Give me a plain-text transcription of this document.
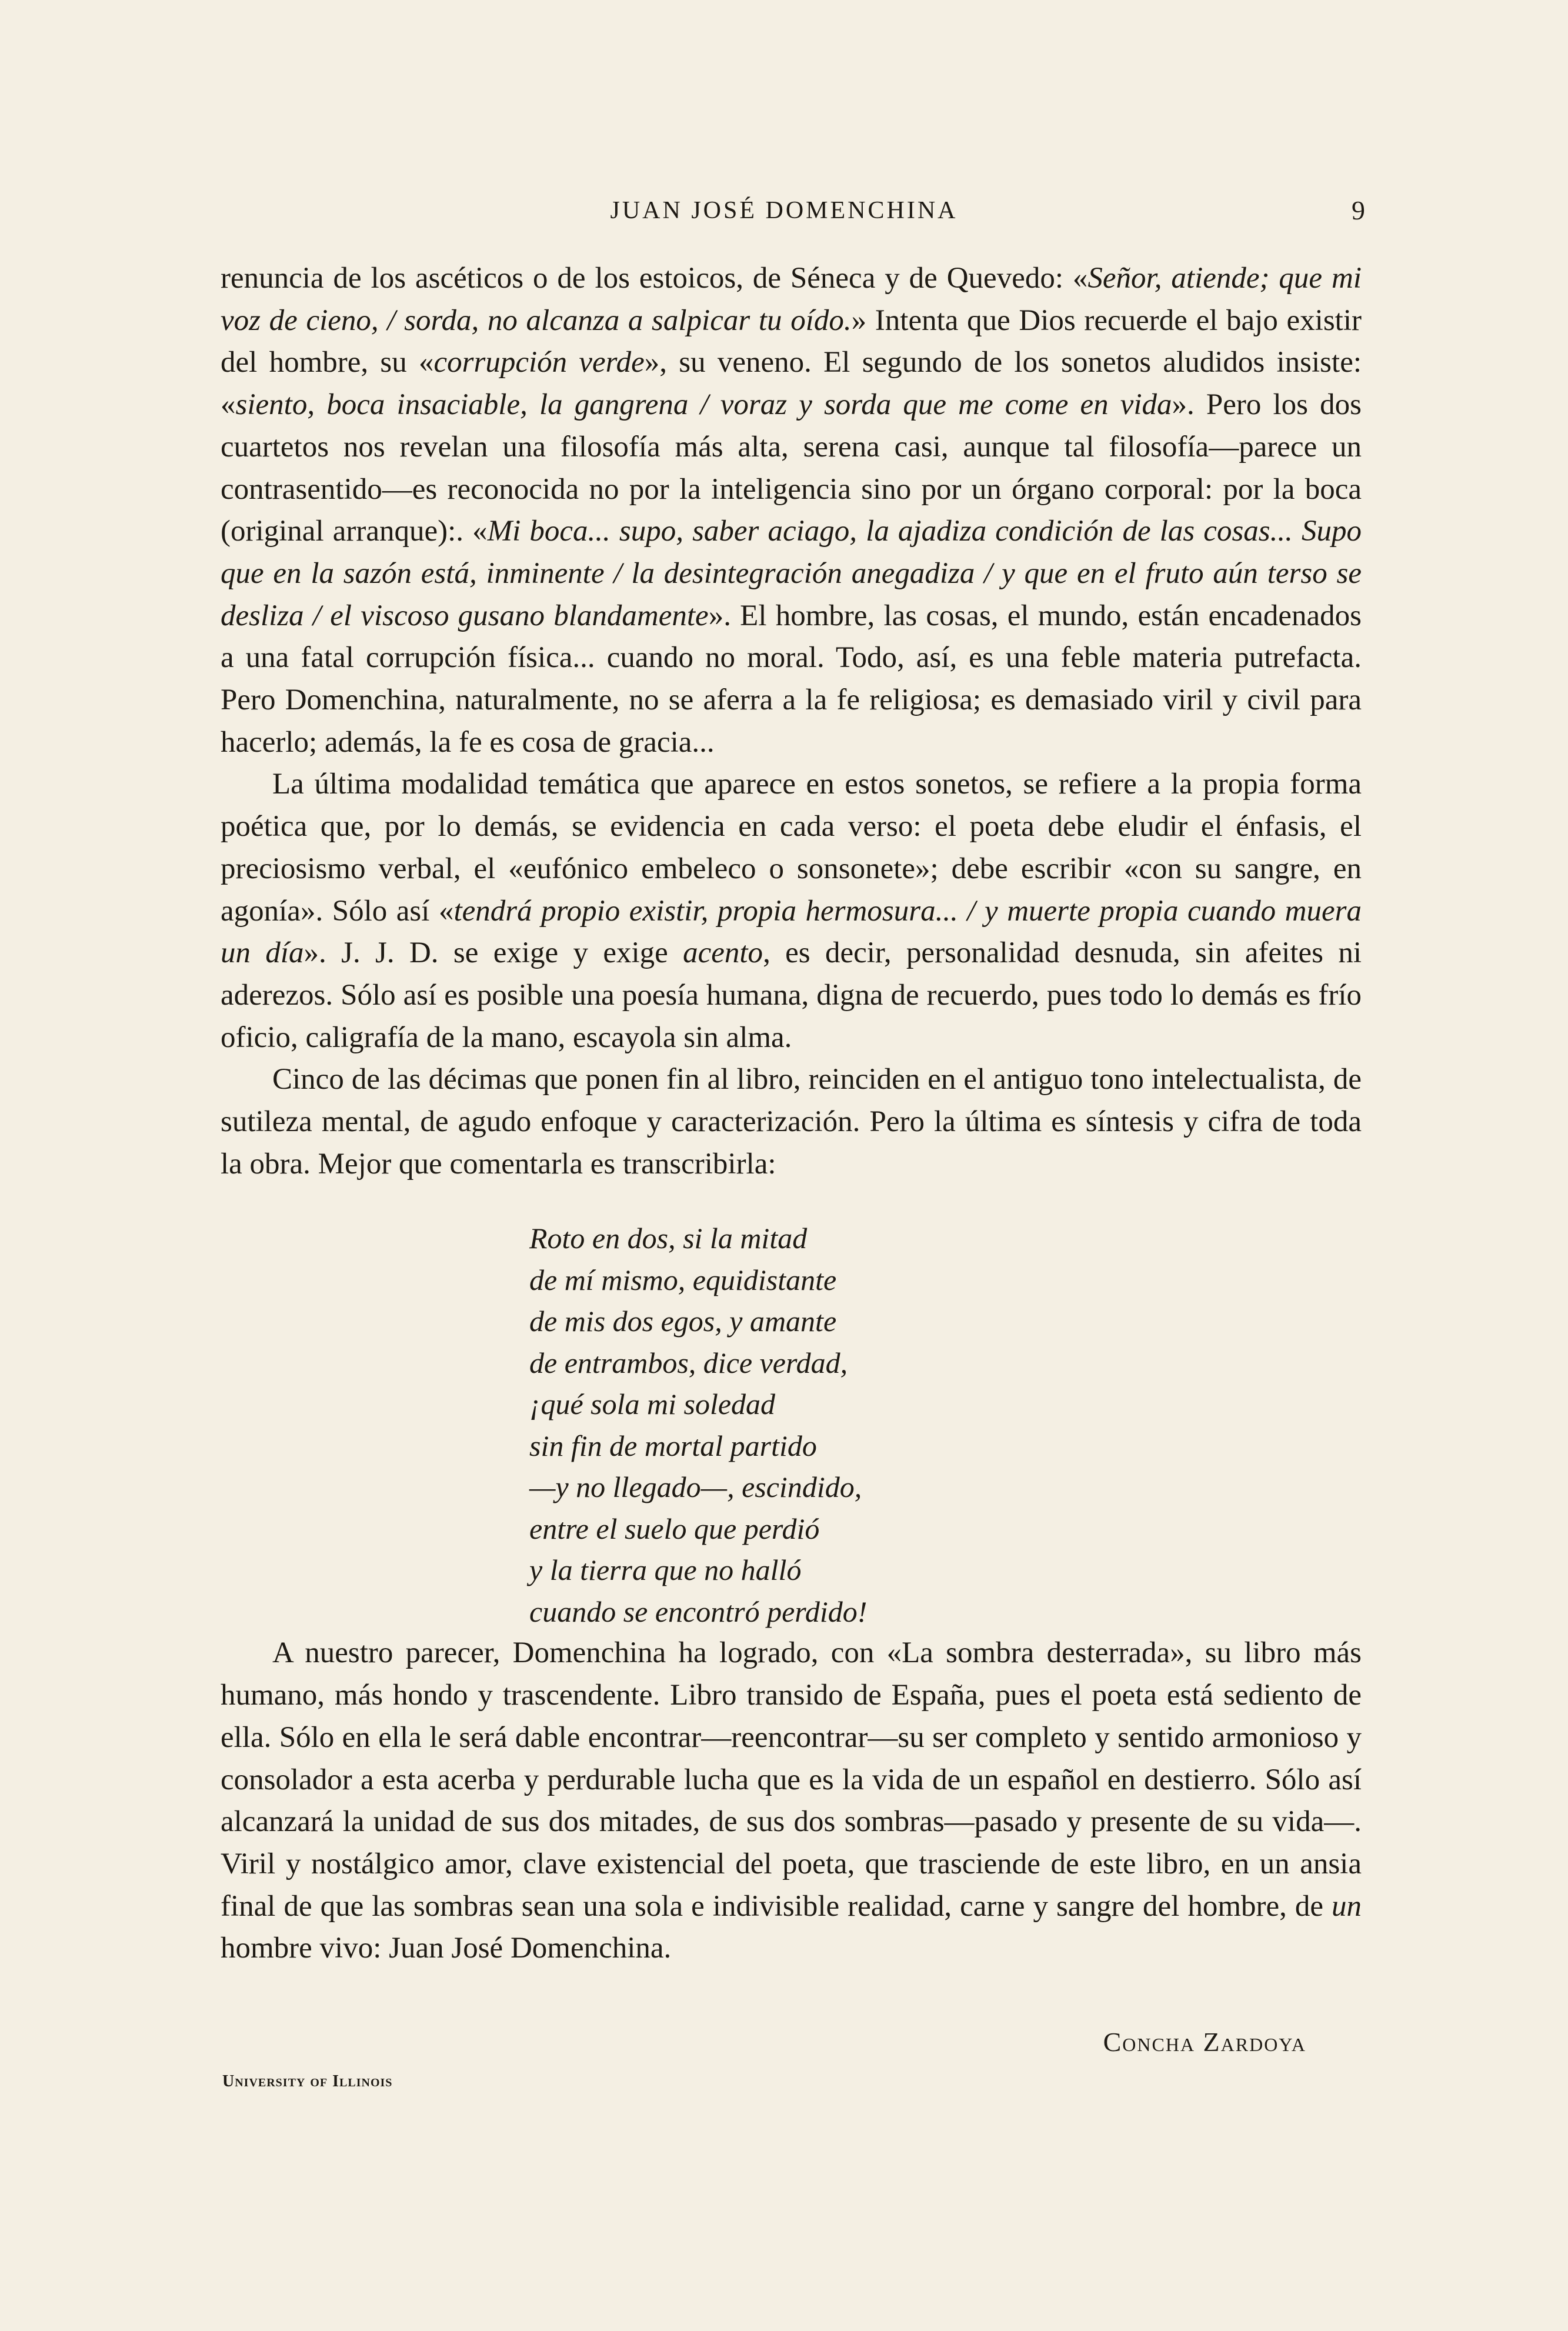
JUAN JOSÉ DOMENCHINA	9

renuncia de los ascéticos o de los estoicos, de Séneca y de Quevedo: «Señor, atiende; que mi voz de cieno, / sorda, no alcanza a salpicar tu oído.» Intenta que Dios recuerde el bajo existir del hombre, su «corrupción verde», su veneno. El segundo de los sonetos aludidos insiste: «siento, boca insaciable, la gangrena / voraz y sorda que me come en vida». Pero los dos cuartetos nos revelan una filosofía más alta, serena casi, aunque tal filosofía—parece un contrasentido—es reconocida no por la inteligencia sino por un órgano corporal: por la boca (original arranque):. «Mi boca... supo, saber aciago, la ajadiza condición de las cosas... Supo que en la sazón está, inminente / la desintegración anegadiza / y que en el fruto aún terso se desliza / el viscoso gusano blandamente». El hombre, las cosas, el mundo, están encadenados a una fatal corrupción física... cuando no moral. Todo, así, es una feble materia putrefacta. Pero Domenchina, naturalmente, no se aferra a la fe religiosa; es demasiado viril y civil para hacerlo; además, la fe es cosa de gracia...

La última modalidad temática que aparece en estos sonetos, se refiere a la propia forma poética que, por lo demás, se evidencia en cada verso: el poeta debe eludir el énfasis, el preciosismo verbal, el «eufónico embeleco o sonsonete»; debe escribir «con su sangre, en agonía». Sólo así «tendrá propio existir, propia hermosura... / y muerte propia cuando muera un día». J. J. D. se exige y exige acento, es decir, personalidad desnuda, sin afeites ni aderezos. Sólo así es posible una poesía humana, digna de recuerdo, pues todo lo demás es frío oficio, caligrafía de la mano, escayola sin alma.

Cinco de las décimas que ponen fin al libro, reinciden en el antiguo tono intelectualista, de sutileza mental, de agudo enfoque y caracterización. Pero la última es síntesis y cifra de toda la obra. Mejor que comentarla es transcribirla:

Roto en dos, si la mitad
de mí mismo, equidistante
de mis dos egos, y amante
de entrambos, dice verdad,
¡qué sola mi soledad
sin fin de mortal partido
—y no llegado—, escindido,
entre el suelo que perdió
y la tierra que no halló
cuando se encontró perdido!

A nuestro parecer, Domenchina ha logrado, con «La sombra desterrada», su libro más humano, más hondo y trascendente. Libro transido de España, pues el poeta está sediento de ella. Sólo en ella le será dable encontrar—reencontrar—su ser completo y sentido armonioso y consolador a esta acerba y perdurable lucha que es la vida de un español en destierro. Sólo así alcanzará la unidad de sus dos mitades, de sus dos sombras—pasado y presente de su vida—. Viril y nostálgico amor, clave existencial del poeta, que trasciende de este libro, en un ansia final de que las sombras sean una sola e indivisible realidad, carne y sangre del hombre, de un hombre vivo: Juan José Domenchina.

Concha Zardoya
University of Illinois
